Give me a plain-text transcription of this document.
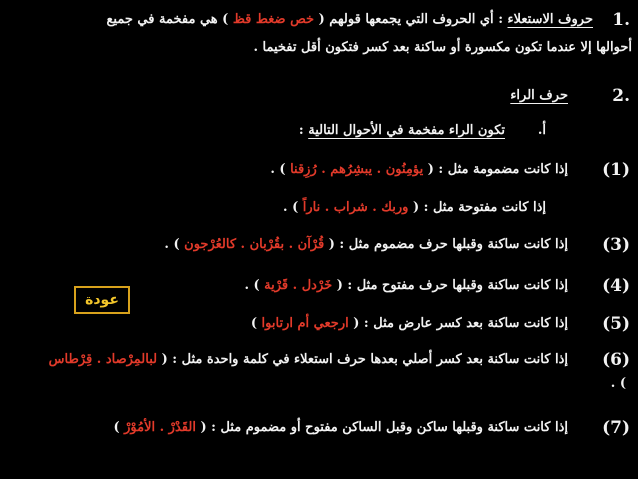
1.
حروف الاستعلاء : أي الحروف التي يجمعها قولهم ( خص ضغط قظ ) هي مفخمة في جميع
أحوالها إلا عندما تكون مكسورة أو ساكنة بعد كسر فتكون أقل تفخيما .
2.
حرف الراء
أ.
تكون الراء مفخمة في الأحوال التالية :
(1)
إذا كانت مضمومة مثل : ( يؤمِنُون . يبشِرُهم . رُزِقنا ) .
إذا كانت مفتوحة مثل : ( وربك . شراب . ناراً ) .
(3)
إذا كانت ساكنة وقبلها حرف مضموم مثل : ( قُرْآن . بقُرْبان . كالعُرْجون ) .
(4)
إذا كانت ساكنة وقبلها حرف مفتوح مثل : ( خَرْدل . قَرْية ) .
عودة
(5)
إذا كانت ساكنة بعد كسر عارض مثل : ( ارجعي أم ارتابوا )
(6)
إذا كانت ساكنة بعد كسر أصلي بعدها حرف استعلاء في كلمة واحدة مثل : ( لبالمِرْصاد . قِرْطاس
) .
(7)
إذا كانت ساكنة وقبلها ساكن وقبل الساكن مفتوح أو مضموم مثل : ( القَدْرْ . الأمُوْرْ )
